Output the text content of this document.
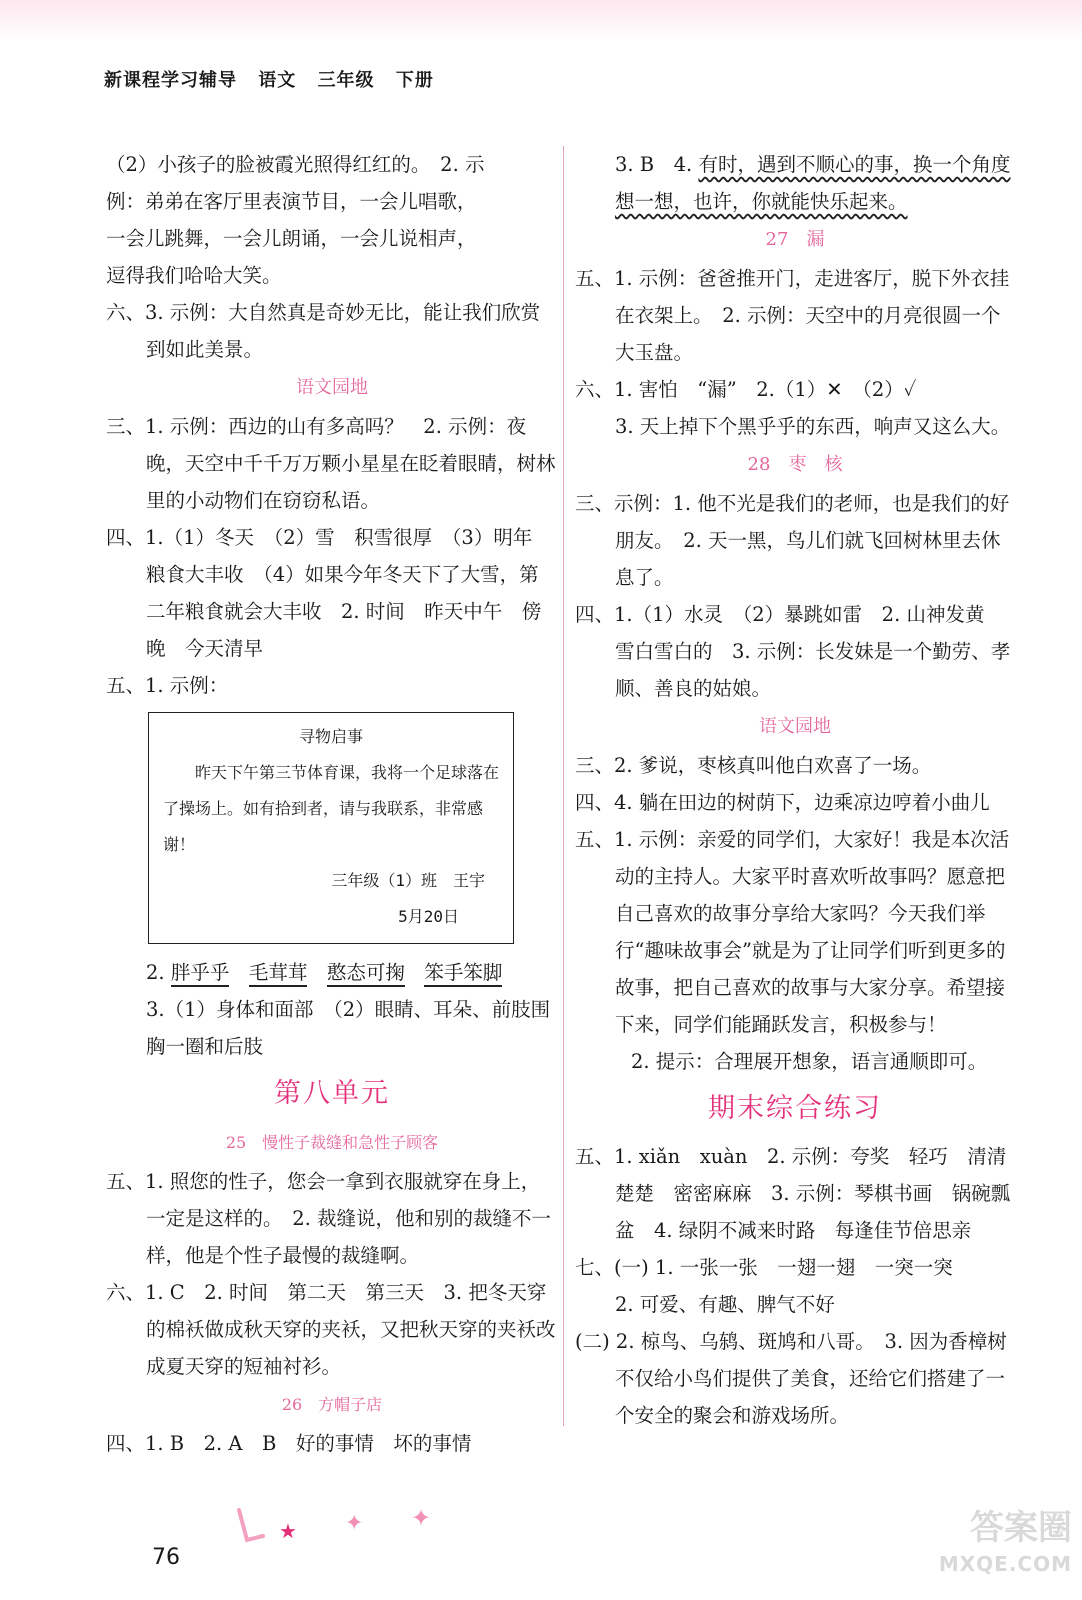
新课程学习辅导 语文 三年级 下册

（2）小孩子的脸被霞光照得红红的。　2. 示

例：弟弟在客厅里表演节目，一会儿唱歌，

一会儿跳舞，一会儿朗诵，一会儿说相声，

逗得我们哈哈大笑。

六、3. 示例：大自然真是奇妙无比，能让我们欣赏到如此美景。

语文园地

三、1. 示例：西边的山有多高吗？　2. 示例：夜晚，天空中千千万万颗小星星在眨着眼睛，树林里的小动物们在窃窃私语。

四、1.（1）冬天　（2）雪　积雪很厚　（3）明年　粮食大丰收　（4）如果今年冬天下了大雪，第二年粮食就会大丰收　2. 时间　昨天中午　傍晚　今天清早

五、1. 示例：

寻物启事
昨天下午第三节体育课，我将一个足球落在了操场上。如有拾到者，请与我联系，非常感谢！
三年级（1）班　王宇
5月20日

2. 胖乎乎　 毛茸茸　 憨态可掬　 笨手笨脚

3.（1）身体和面部　（2）眼睛、耳朵、前肢围胸一圈和后肢

第八单元
25　慢性子裁缝和急性子顾客

五、1. 照您的性子，您会一拿到衣服就穿在身上，一定是这样的。　2. 裁缝说，他和别的裁缝不一样，他是个性子最慢的裁缝啊。

六、1. C　2. 时间　第二天　第三天　3. 把冬天穿的棉袄做成秋天穿的夹袄，又把秋天穿的夹袄改成夏天穿的短袖衬衫。

26　方帽子店

四、1. B　2. A　B　好的事情　坏的事情

3. B　4. 有时，遇到不顺心的事，换一个角度想一想，也许，你就能快乐起来。

27　漏

五、1. 示例：爸爸推开门，走进客厅，脱下外衣挂在衣架上。　2. 示例：天空中的月亮很圆一个大玉盘。

六、1. 害怕　“漏”　2.（1）✕　（2）✓

3. 天上掉下个黑乎乎的东西，响声又这么大。

28　枣　核

三、示例：1. 他不光是我们的老师，也是我们的好朋友。　2. 天一黑，鸟儿们就飞回树林里去休息了。

四、1.（1）水灵　（2）暴跳如雷　2. 山神发黄　雪白雪白的　3. 示例：长发妹是一个勤劳、孝顺、善良的姑娘。

语文园地

三、2. 爹说，枣核真叫他白欢喜了一场。

四、4. 躺在田边的树荫下，边乘凉边哼着小曲儿

五、1. 示例：亲爱的同学们，大家好！我是本次活动的主持人。大家平时喜欢听故事吗？愿意把自己喜欢的故事分享给大家吗？今天我们举行“趣味故事会”就是为了让同学们听到更多的故事，把自己喜欢的故事与大家分享。希望接下来，同学们能踊跃发言，积极参与！

2. 提示：合理展开想象，语言通顺即可。

期末综合练习

五、1. xiǎn　xuàn　2. 示例：夸奖　轻巧　清清楚楚　密密麻麻　3. 示例：琴棋书画　锅碗瓢盆　4. 绿阴不减来时路　每逢佳节倍思亲

七、(一) 1. 一张一张　一翅一翅　一突一突

2. 可爱、有趣、脾气不好

(二) 2. 椋鸟、乌鸫、斑鸠和八哥。　3. 因为香樟树不仅给小鸟们提供了美食，还给它们搭建了一个安全的聚会和游戏场所。

★ ✦ ✦
76
答案圈
MXQE.COM
